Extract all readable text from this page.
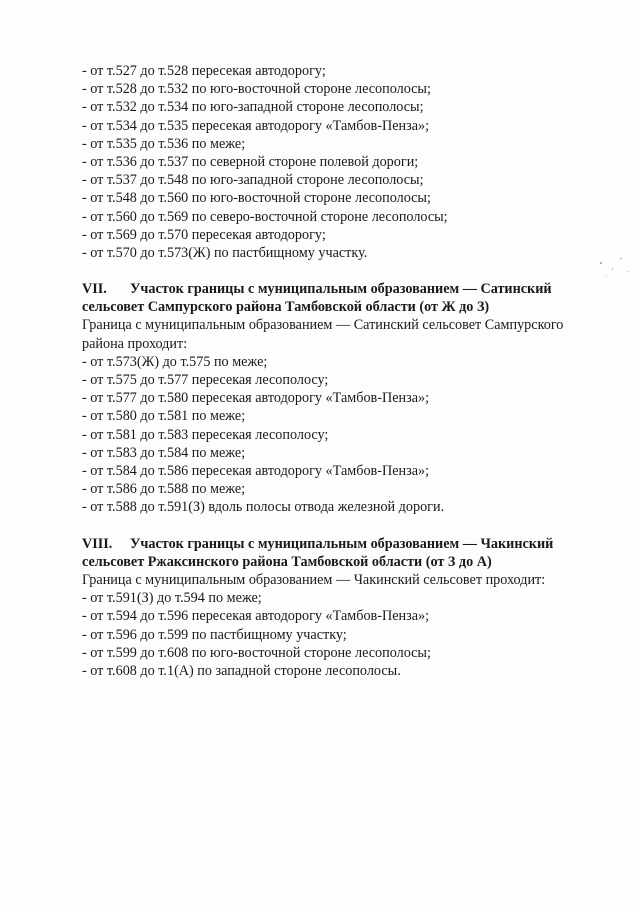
- от т.527 до т.528 пересекая автодорогу;
- от т.528 до т.532 по юго-восточной стороне лесополосы;
- от т.532 до т.534 по юго-западной стороне лесополосы;
- от т.534 до т.535 пересекая автодорогу «Тамбов-Пенза»;
- от т.535 до т.536 по меже;
- от т.536 до т.537 по северной стороне полевой дороги;
- от т.537 до т.548 по юго-западной стороне лесополосы;
- от т.548 до т.560 по юго-восточной стороне лесополосы;
- от т.560 до т.569 по северо-восточной стороне лесополосы;
- от т.569 до т.570 пересекая автодорогу;
- от т.570 до т.573(Ж) по пастбищному участку.
VII. Участок границы с муниципальным образованием — Сатинский
сельсовет Сампурского района Тамбовской области (от Ж до З)
Граница с муниципальным образованием — Сатинский сельсовет Сампурского
района проходит:
- от т.573(Ж) до т.575 по меже;
- от т.575 до т.577 пересекая лесополосу;
- от т.577 до т.580 пересекая автодорогу «Тамбов-Пенза»;
- от т.580 до т.581 по меже;
- от т.581 до т.583 пересекая лесополосу;
- от т.583 до т.584 по меже;
- от т.584 до т.586 пересекая автодорогу «Тамбов-Пенза»;
- от т.586 до т.588 по меже;
- от т.588 до т.591(З) вдоль полосы отвода железной дороги.
VIII. Участок границы с муниципальным образованием — Чакинский
сельсовет Ржаксинского района Тамбовской области (от З до А)
Граница с муниципальным образованием — Чакинский сельсовет проходит:
- от т.591(З) до т.594 по меже;
- от т.594 до т.596 пересекая автодорогу «Тамбов-Пенза»;
- от т.596 до т.599 по пастбищному участку;
- от т.599 до т.608 по юго-восточной стороне лесополосы;
- от т.608 до т.1(А) по западной стороне лесополосы.
